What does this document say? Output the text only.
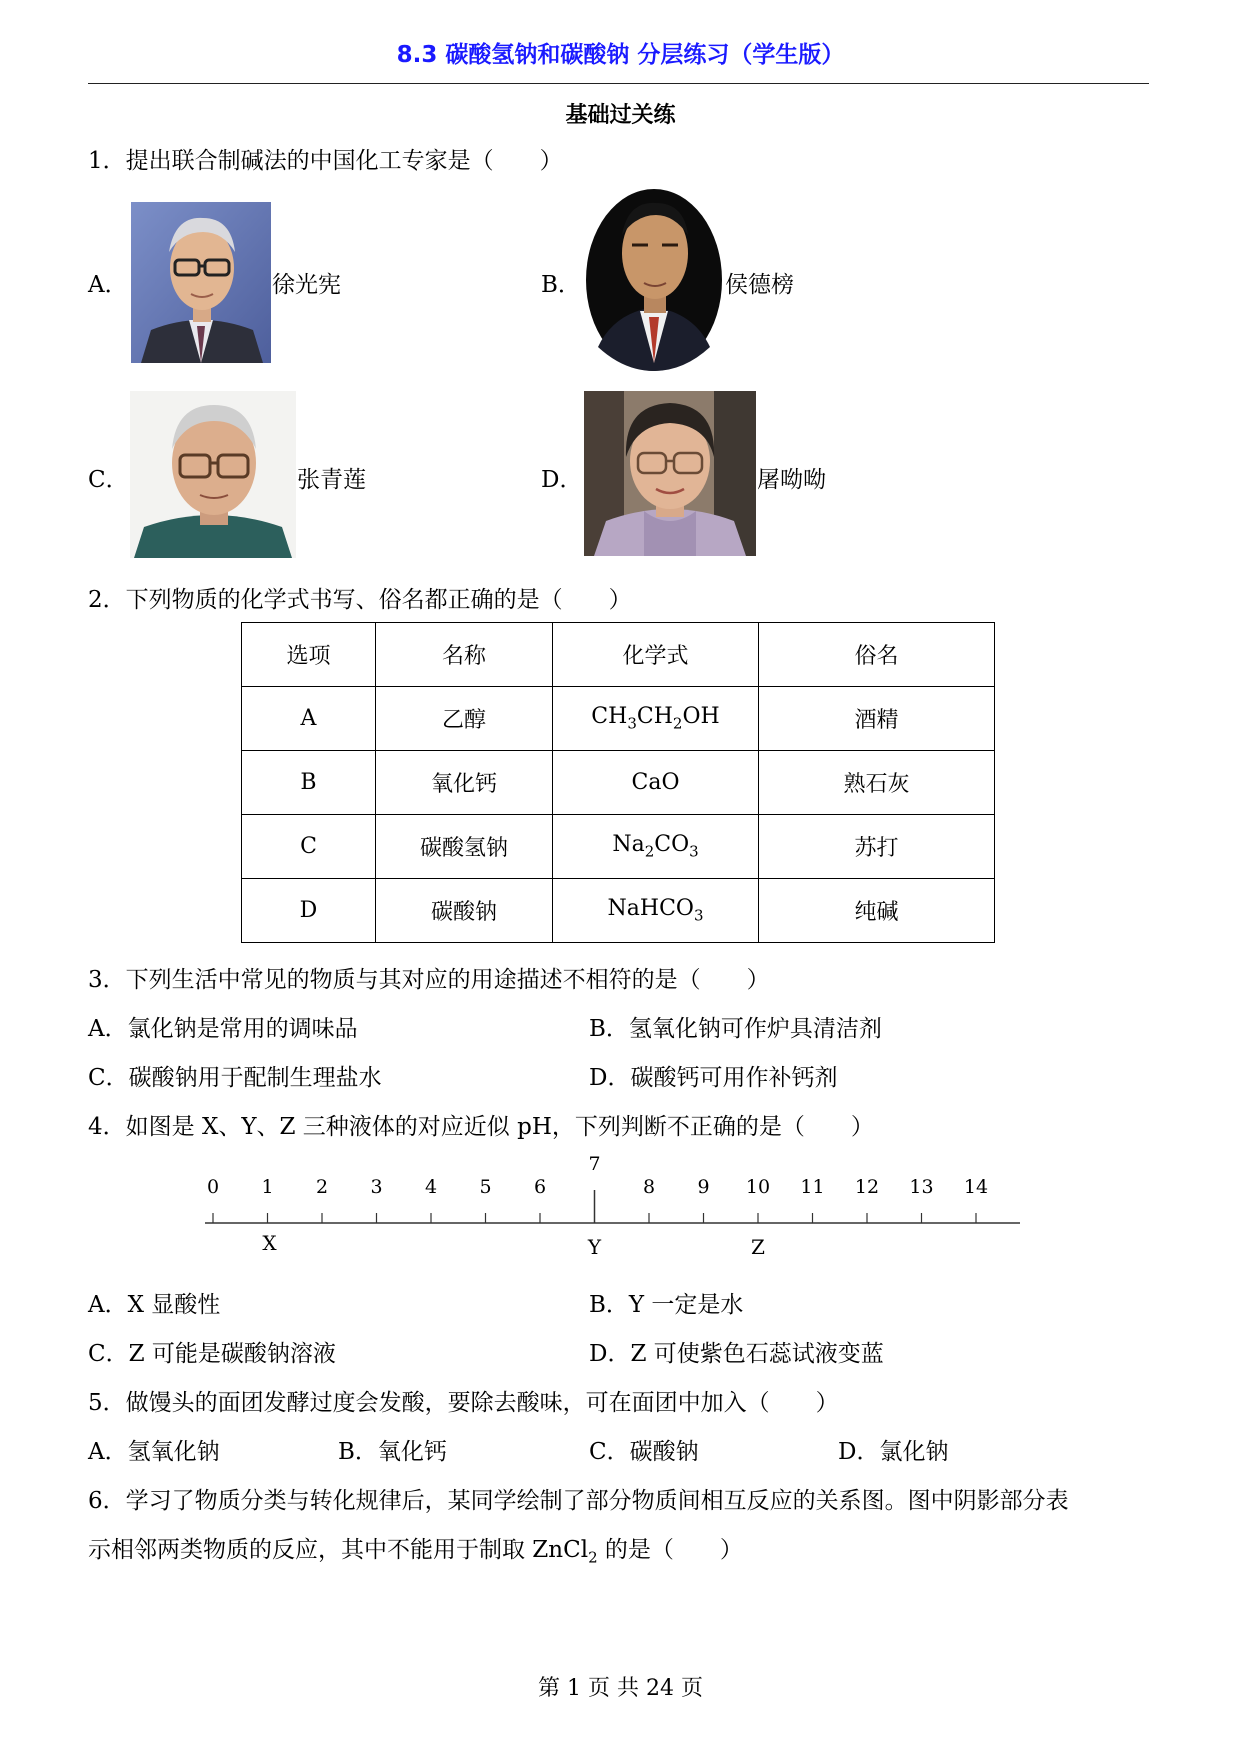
8.3 碳酸氢钠和碳酸钠 分层练习（学生版）
基础过关练
1．提出联合制碱法的中国化工专家是（　　）
A．	徐光宪	B．	侯德榜
C．	张青莲	D．	屠呦呦
2．下列物质的化学式书写、俗名都正确的是（　　）
选项	名称	化学式	俗名
A	乙醇	$CH_3CH_2OH$	酒精
B	氧化钙	CaO	熟石灰
C	碳酸氢钠	$Na_2CO_3$	苏打
D	碳酸钠	NaHCO$_3$	纯碱
3．下列生活中常见的物质与其对应的用途描述不相符的是（　　）
A．氯化钠是常用的调味品	B．氢氧化钠可作炉具清洁剂
C．碳酸钠用于配制生理盐水	D．碳酸钙可用作补钙剂
4．如图是 X、Y、Z 三种液体的对应近似 pH，下列判断不正确的是（　　）
0 1 2 3 4 5 6
7
8 9 10 11 12 13 14
X	Y	Z
A．X 显酸性	B．Y 一定是水
C．Z 可能是碳酸钠溶液	D．Z 可使紫色石蕊试液变蓝
5．做馒头的面团发酵过度会发酸，要除去酸味，可在面团中加入（　　）
A．氢氧化钠	B．氧化钙	C．碳酸钠	D．氯化钠
6．学习了物质分类与转化规律后，某同学绘制了部分物质间相互反应的关系图。图中阴影部分表
示相邻两类物质的反应，其中不能用于制取 ZnCl$_2$ 的是（　　）
第 1 页 共 24 页
